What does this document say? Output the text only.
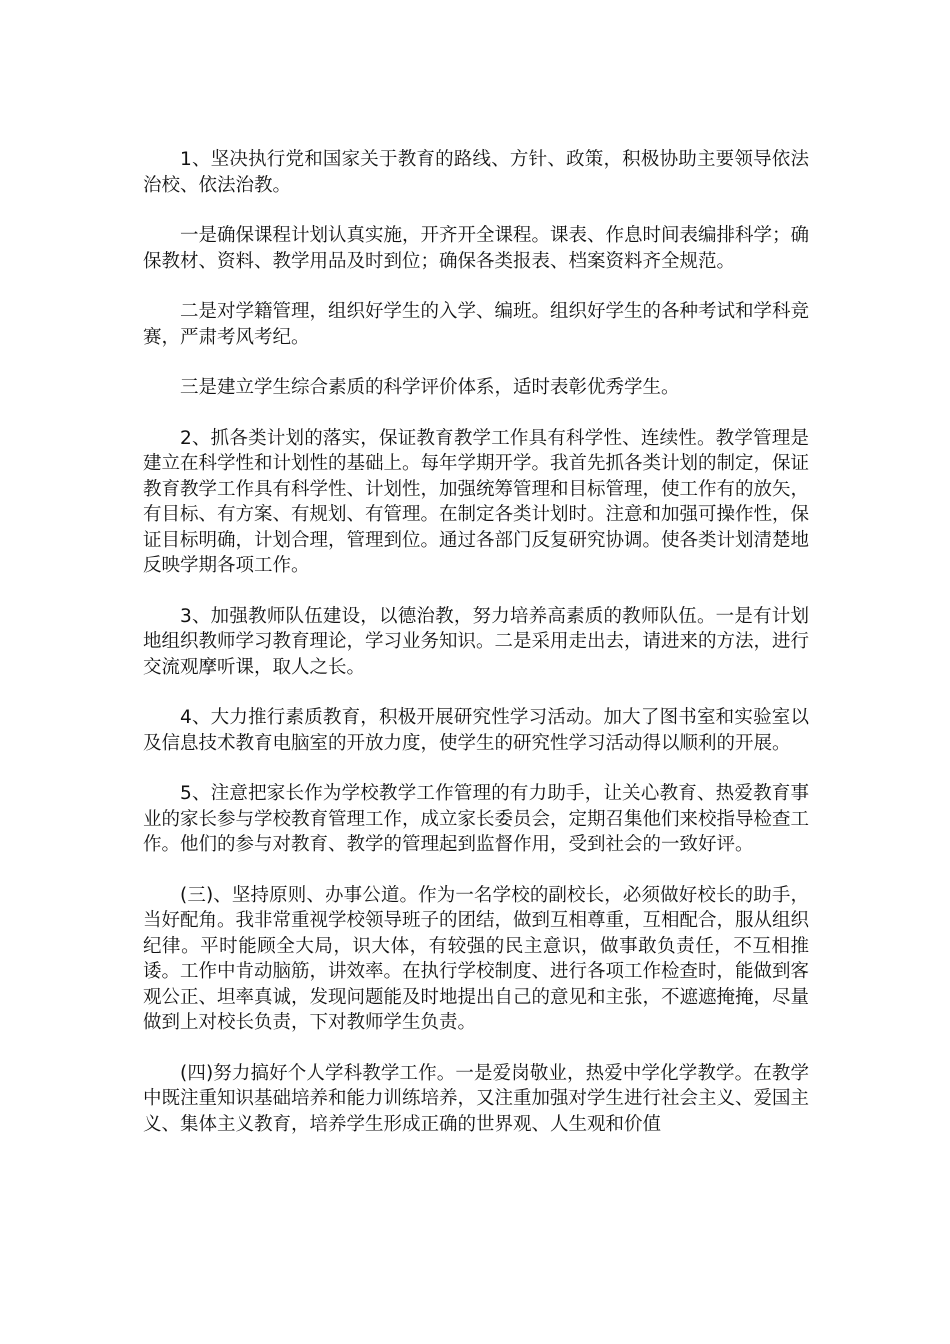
1、坚决执行党和国家关于教育的路线、方针、政策，积极协助主要领导依法治校、依法治教。

一是确保课程计划认真实施，开齐开全课程。课表、作息时间表编排科学；确保教材、资料、教学用品及时到位；确保各类报表、档案资料齐全规范。

二是对学籍管理，组织好学生的入学、编班。组织好学生的各种考试和学科竞赛，严肃考风考纪。

三是建立学生综合素质的科学评价体系，适时表彰优秀学生。

2、抓各类计划的落实，保证教育教学工作具有科学性、连续性。教学管理是建立在科学性和计划性的基础上。每年学期开学。我首先抓各类计划的制定，保证教育教学工作具有科学性、计划性，加强统筹管理和目标管理，使工作有的放矢，有目标、有方案、有规划、有管理。在制定各类计划时。注意和加强可操作性，保证目标明确，计划合理，管理到位。通过各部门反复研究协调。使各类计划清楚地反映学期各项工作。

3、加强教师队伍建设，以德治教，努力培养高素质的教师队伍。一是有计划地组织教师学习教育理论，学习业务知识。二是采用走出去，请进来的方法，进行交流观摩听课，取人之长。

4、大力推行素质教育，积极开展研究性学习活动。加大了图书室和实验室以及信息技术教育电脑室的开放力度，使学生的研究性学习活动得以顺利的开展。

5、注意把家长作为学校教学工作管理的有力助手，让关心教育、热爱教育事业的家长参与学校教育管理工作，成立家长委员会，定期召集他们来校指导检查工作。他们的参与对教育、教学的管理起到监督作用，受到社会的一致好评。

(三)、坚持原则、办事公道。作为一名学校的副校长，必须做好校长的助手，当好配角。我非常重视学校领导班子的团结，做到互相尊重，互相配合，服从组织纪律。平时能顾全大局，识大体，有较强的民主意识，做事敢负责任，不互相推诿。工作中肯动脑筋，讲效率。在执行学校制度、进行各项工作检查时，能做到客观公正、坦率真诚，发现问题能及时地提出自己的意见和主张，不遮遮掩掩，尽量做到上对校长负责，下对教师学生负责。

(四)努力搞好个人学科教学工作。一是爱岗敬业，热爱中学化学教学。在教学中既注重知识基础培养和能力训练培养，又注重加强对学生进行社会主义、爱国主义、集体主义教育，培养学生形成正确的世界观、人生观和价值
